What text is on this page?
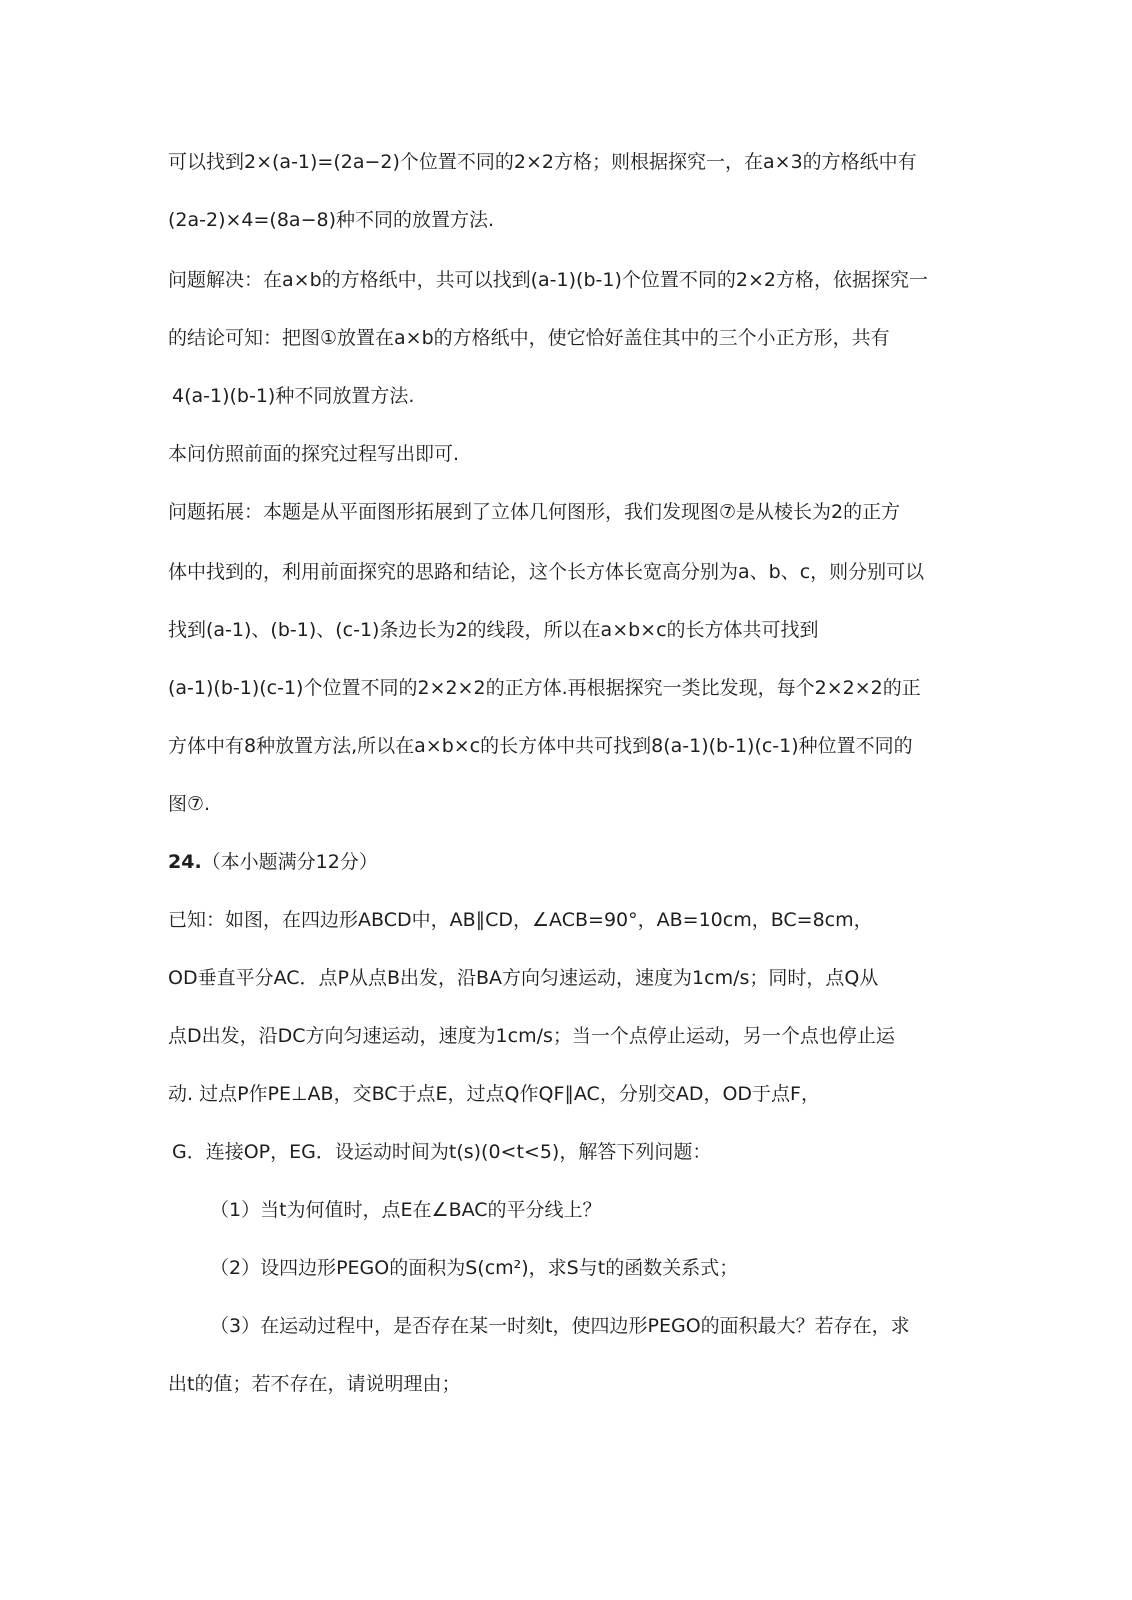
可以找到2×(a-1)=(2a−2)个位置不同的2×2方格；则根据探究一，在a×3的方格纸中有
(2a-2)×4=(8a−8)种不同的放置方法.
问题解决：在a×b的方格纸中，共可以找到(a-1)(b-1)个位置不同的2×2方格，依据探究一
的结论可知：把图①放置在a×b的方格纸中，使它恰好盖住其中的三个小正方形，共有
4(a-1)(b-1)种不同放置方法.
本问仿照前面的探究过程写出即可.
问题拓展：本题是从平面图形拓展到了立体几何图形，我们发现图⑦是从棱长为2的正方
体中找到的，利用前面探究的思路和结论，这个长方体长宽高分别为a、b、c，则分别可以
找到(a-1)、(b-1)、(c-1)条边长为2的线段，所以在a×b×c的长方体共可找到
(a-1)(b-1)(c-1)个位置不同的2×2×2的正方体.再根据探究一类比发现，每个2×2×2的正
方体中有8种放置方法,所以在a×b×c的长方体中共可找到8(a-1)(b-1)(c-1)种位置不同的
图⑦.
24.（本小题满分12分）
已知：如图，在四边形ABCD中，AB∥CD，∠ACB=90°，AB=10cm，BC=8cm，
OD垂直平分AC．点P从点B出发，沿BA方向匀速运动，速度为1cm/s；同时，点Q从
点D出发，沿DC方向匀速运动，速度为1cm/s；当一个点停止运动，另一个点也停止运
动. 过点P作PE⊥AB，交BC于点E，过点Q作QF∥AC，分别交AD，OD于点F，
G．连接OP，EG．设运动时间为t(s)(0<t<5)，解答下列问题：
（1）当t为何值时，点E在∠BAC的平分线上？
（2）设四边形PEGO的面积为S(cm²)，求S与t的函数关系式；
（3）在运动过程中，是否存在某一时刻t，使四边形PEGO的面积最大？若存在，求
出t的值；若不存在，请说明理由；
